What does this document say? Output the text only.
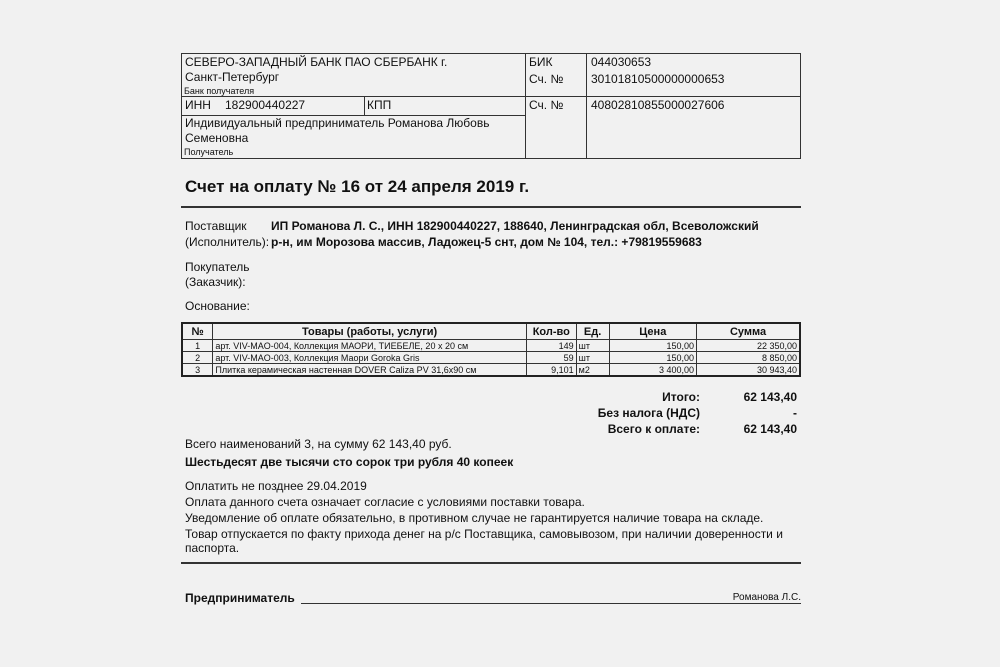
СЕВЕРО-ЗАПАДНЫЙ БАНК ПАО СБЕРБАНК г.
Санкт-Петербург
Банк получателя
БИК	044030653
Сч. № 30101810500000000653
ИНН 182900440227	КПП	Сч. № 40802810855000027606
Индивидуальный предприниматель Романова Любовь
Семеновна
Получатель
Счет на оплату № 16 от 24 апреля 2019 г.
Поставщик
(Исполнитель):
ИП Романова Л. С., ИНН 182900440227, 188640, Ленинградская обл, Всеволожский
р-н, им Морозова массив, Ладожец-5 снт, дом № 104, тел.: +79819559683
Покупатель
(Заказчик):
Основание:
№	Товары (работы, услуги)	Кол-во	Ед.	Цена	Сумма
1	арт. VIV-MAO-004, Коллекция МАОРИ, ТИЕБЕЛЕ, 20 х 20 см	149	шт	150,00	22 350,00
2	арт. VIV-MAO-003, Коллекция Маори Goroka Gris	59	шт	150,00	8 850,00
3	Плитка керамическая настенная DOVER Caliza PV 31,6x90 см	9,101	м2	3 400,00	30 943,40
Итого:	62 143,40
Без налога (НДС)	-
Всего к оплате:	62 143,40
Всего наименований 3, на сумму 62 143,40 руб.
Шестьдесят две тысячи сто сорок три рубля 40 копеек
Оплатить не позднее 29.04.2019
Оплата данного счета означает согласие с условиями поставки товара.
Уведомление об оплате обязательно, в противном случае не гарантируется наличие товара на складе.
Товар отпускается по факту прихода денег на р/с Поставщика, самовывозом, при наличии доверенности и
паспорта.
Предприниматель	Романова Л.С.
